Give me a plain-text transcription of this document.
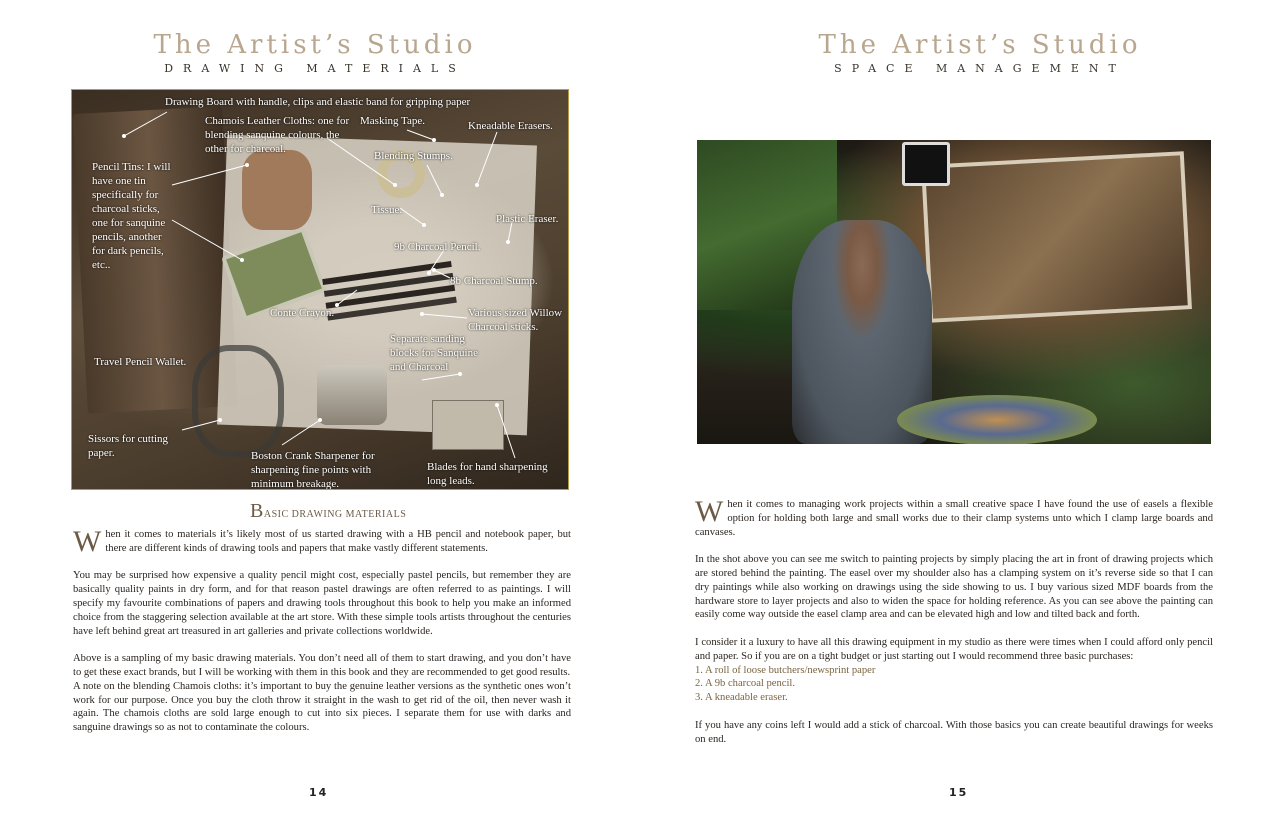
The Artist’s Studio
DRAWING MATERIALS
Drawing Board with handle, clips and elastic band for gripping paper
Chamois Leather Cloths: one for blending sanquine colours, the other for charcoal.
Masking Tape.	Kneadable Erasers.
Blending Stumps.
Pencil Tins: I will have one tin specifically for charcoal sticks, one for sanquine pencils, another for dark pencils, etc..
Tissue.
Plastic Eraser.
9b Charcoal Pencil.
8b Charcoal Stump.
Conte Crayon.	Various sized Willow Charcoal sticks.
Separate sanding blocks for Sanquine and Charcoal
Travel Pencil Wallet.
Sissors for cutting paper.	Boston Crank Sharpener for sharpening fine points with minimum breakage.
Blades for hand sharpening long leads.
BASIC DRAWING MATERIALS

When it comes to materials it’s likely most of us started drawing with a HB pencil and notebook paper, but there are different kinds of drawing tools and papers that make vastly different statements.

You may be surprised how expensive a quality pencil might cost, especially pastel pencils, but remember they are basically quality paints in dry form, and for that reason pastel drawings are often referred to as paintings. I will specify my favourite combinations of papers and drawing tools throughout this book to help you make an informed choice from the staggering selection available at the art store. With these simple tools artists throughout the centuries have left behind great art treasured in art galleries and private collections worldwide.

Above is a sampling of my basic drawing materials. You don’t need all of them to start drawing, and you don’t have to get these exact brands, but I will be working with them in this book and they are recommended to get good results.

A note on the blending Chamois cloths: it’s important to buy the genuine leather versions as the synthetic ones won’t work for our purpose. Once you buy the cloth throw it straight in the wash to get rid of the oil, then never wash it again. The chamois cloths are sold large enough to cut into six pieces. I separate them for use with darks and sanguine drawings so as not to contaminate the colours.

14
The Artist’s Studio
SPACE MANAGEMENT

When it comes to managing work projects within a small creative space I have found the use of easels a flexible option for holding both large and small works due to their clamp systems unto which I clamp large boards and canvases.

In the shot above you can see me switch to painting projects by simply placing the art in front of drawing projects which are stored behind the painting. The easel over my shoulder also has a clamping system on it’s reverse side so that I can dry paintings while also working on drawings using the side showing to us. I buy various sized MDF boards from the hardware store to layer projects and also to widen the space for holding reference. As you can see above the painting can easily come way outside the easel clamp area and can be elevated high and low and tilted back and forth.

I consider it a luxury to have all this drawing equipment in my studio as there were times when I could afford only pencil and paper. So if you are on a tight budget or just starting out I would recommend three basic purchases:

1. A roll of loose butchers/newsprint paper
2. A 9b charcoal pencil.
3. A kneadable eraser.

If you have any coins left I would add a stick of charcoal. With those basics you can create beautiful drawings for weeks on end.

15
